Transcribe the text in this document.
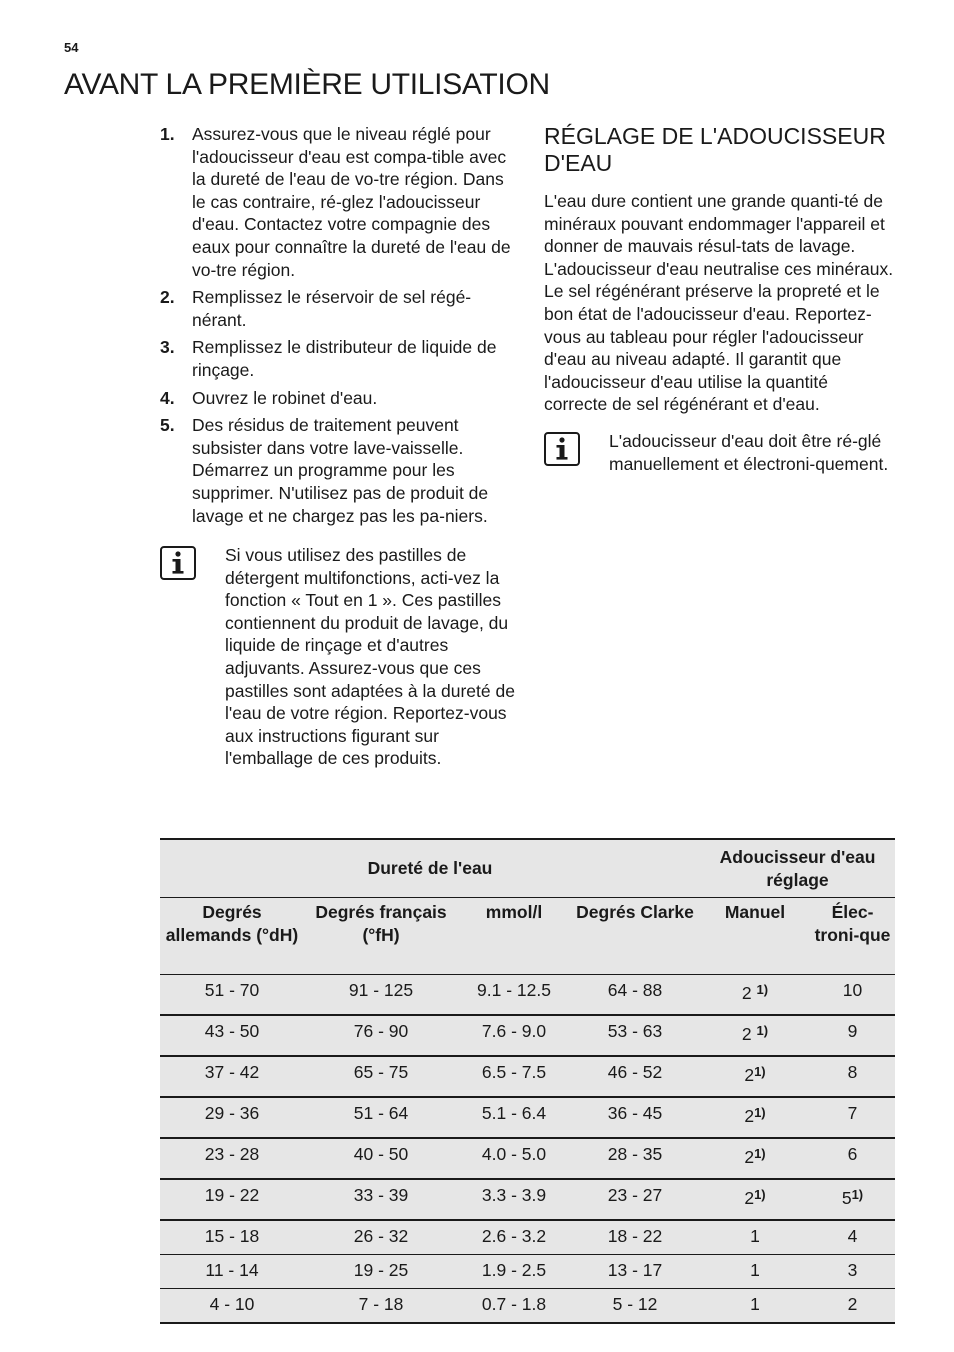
54
AVANT LA PREMIÈRE UTILISATION
1. Assurez-vous que le niveau réglé pour l'adoucisseur d'eau est compa-tible avec la dureté de l'eau de vo-tre région. Dans le cas contraire, ré-glez l'adoucisseur d'eau. Contactez votre compagnie des eaux pour connaître la dureté de l'eau de vo-tre région.
2. Remplissez le réservoir de sel régé-nérant.
3. Remplissez le distributeur de liquide de rinçage.
4. Ouvrez le robinet d'eau.
5. Des résidus de traitement peuvent subsister dans votre lave-vaisselle. Démarrez un programme pour les supprimer. N'utilisez pas de produit de lavage et ne chargez pas les pa-niers.
Si vous utilisez des pastilles de détergent multifonctions, acti-vez la fonction « Tout en 1 ». Ces pastilles contiennent du produit de lavage, du liquide de rinçage et d'autres adjuvants. Assurez-vous que ces pastilles sont adaptées à la dureté de l'eau de votre région. Reportez-vous aux instructions figurant sur l'emballage de ces produits.
RÉGLAGE DE L'ADOUCISSEUR D'EAU

L'eau dure contient une grande quanti-té de minéraux pouvant endommager l'appareil et donner de mauvais résul-tats de lavage. L'adoucisseur d'eau neutralise ces minéraux.

Le sel régénérant préserve la propreté et le bon état de l'adoucisseur d'eau. Reportez-vous au tableau pour régler l'adoucisseur d'eau au niveau adapté. Il garantit que l'adoucisseur d'eau utilise la quantité correcte de sel régénérant et d'eau.

L'adoucisseur d'eau doit être ré-glé manuellement et électroni-quement.
Dureté de l'eau				Adoucisseur d'eau réglage	
Degrés allemands (°dH)	Degrés français (°fH)	mmol/l	Degrés Clarke	Manuel	Élec-troni-que
51 - 70	91 - 125	9.1 - 12.5	64 - 88	2 $^{1)}$	10
43 - 50	76 - 90	7.6 - 9.0	53 - 63	2 $^{1)}$	9
37 - 42	65 - 75	6.5 - 7.5	46 - 52	2$^{1)}$	8
29 - 36	51 - 64	5.1 - 6.4	36 - 45	2$^{1)}$	7
23 - 28	40 - 50	4.0 - 5.0	28 - 35	2$^{1)}$	6
19 - 22	33 - 39	3.3 - 3.9	23 - 27	2$^{1)}$	5$^{1)}$
15 - 18	26 - 32	2.6 - 3.2	18 - 22	1	4
11 - 14	19 - 25	1.9 - 2.5	13 - 17	1	3
4 - 10	7 - 18	0.7 - 1.8	5 - 12	1	2
